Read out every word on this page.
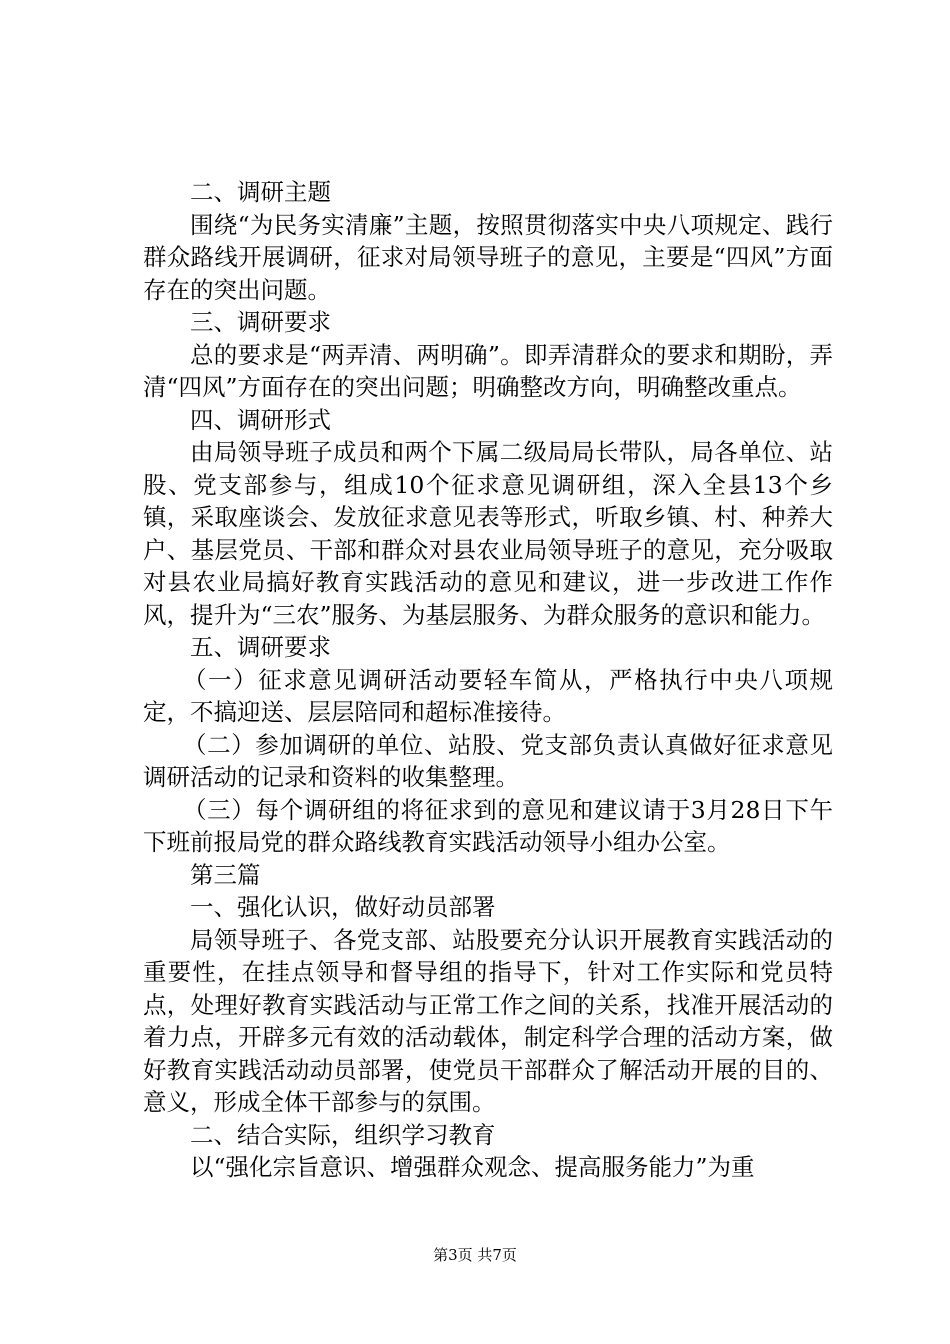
二、调研主题

围绕“为民务实清廉”主题，按照贯彻落实中央八项规定、践行群众路线开展调研，征求对局领导班子的意见，主要是“四风”方面存在的突出问题。

三、调研要求

总的要求是“两弄清、两明确”。即弄清群众的要求和期盼，弄清“四风”方面存在的突出问题；明确整改方向，明确整改重点。

四、调研形式

由局领导班子成员和两个下属二级局局长带队，局各单位、站股、党支部参与，组成10个征求意见调研组，深入全县13个乡镇，采取座谈会、发放征求意见表等形式，听取乡镇、村、种养大户、基层党员、干部和群众对县农业局领导班子的意见，充分吸取对县农业局搞好教育实践活动的意见和建议，进一步改进工作作风，提升为“三农”服务、为基层服务、为群众服务的意识和能力。

五、调研要求

（一）征求意见调研活动要轻车简从，严格执行中央八项规定，不搞迎送、层层陪同和超标准接待。

（二）参加调研的单位、站股、党支部负责认真做好征求意见调研活动的记录和资料的收集整理。

（三）每个调研组的将征求到的意见和建议请于3月28日下午下班前报局党的群众路线教育实践活动领导小组办公室。

第三篇

一、强化认识，做好动员部署

局领导班子、各党支部、站股要充分认识开展教育实践活动的重要性，在挂点领导和督导组的指导下，针对工作实际和党员特点，处理好教育实践活动与正常工作之间的关系，找准开展活动的着力点，开辟多元有效的活动载体，制定科学合理的活动方案，做好教育实践活动动员部署，使党员干部群众了解活动开展的目的、意义，形成全体干部参与的氛围。

二、结合实际，组织学习教育

以“强化宗旨意识、增强群众观念、提高服务能力”为重

第3页 共7页
